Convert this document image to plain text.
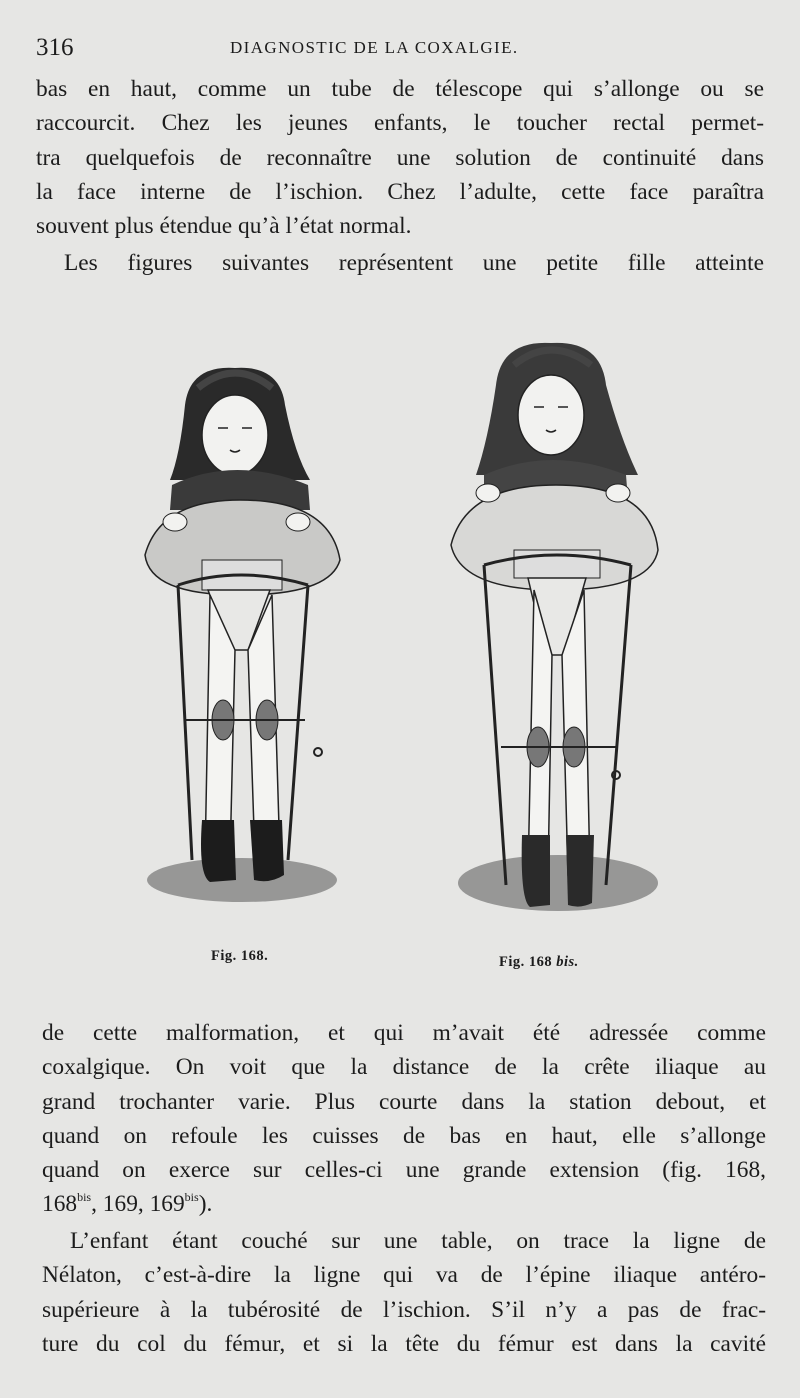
316	DIAGNOSTIC DE LA COXALGIE.

bas en haut, comme un tube de télescope qui s’allonge ou se
raccourcit. Chez les jeunes enfants, le toucher rectal permet-
tra quelquefois de reconnaître une solution de continuité dans
la face interne de l’ischion. Chez l’adulte, cette face paraîtra
souvent plus étendue qu’à l’état normal.

Les figures suivantes représentent une petite fille atteinte

Fig. 168.	Fig. 168 bis.

de cette malformation, et qui m’avait été adressée comme
coxalgique. On voit que la distance de la crête iliaque au
grand trochanter varie. Plus courte dans la station debout, et
quand on refoule les cuisses de bas en haut, elle s’allonge
quand on exerce sur celles-ci une grande extension (fig. 168,
$168^{bis}$, 169, $169^{bis}$).

L’enfant étant couché sur une table, on trace la ligne de
Nélaton, c’est-à-dire la ligne qui va de l’épine iliaque antéro-
supérieure à la tubérosité de l’ischion. S’il n’y a pas de frac-
ture du col du fémur, et si la tête du fémur est dans la cavité
